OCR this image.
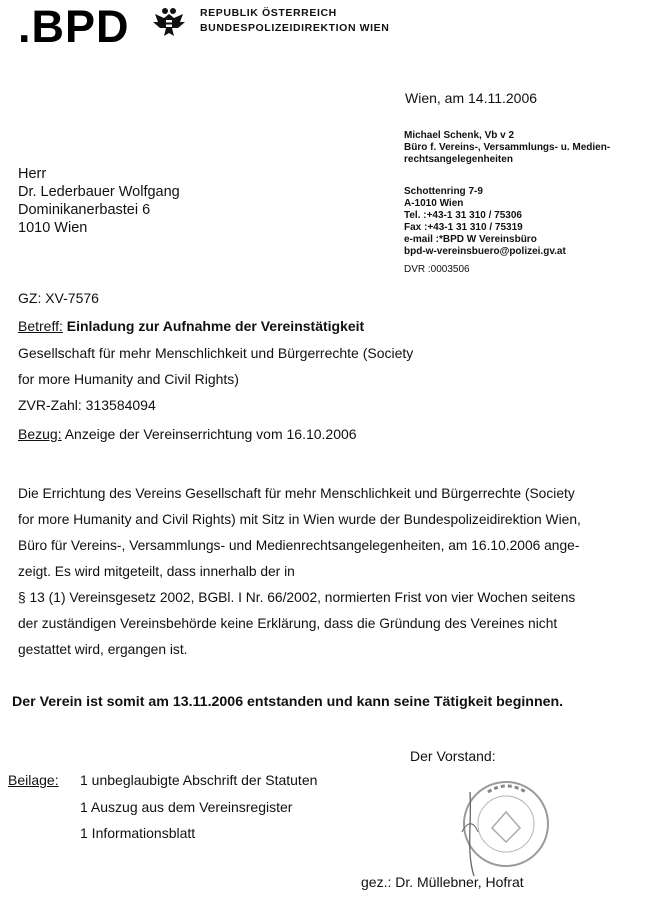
.BPD	REPUBLIK ÖSTERREICH
BUNDESPOLIZEIDIREKTION WIEN
Wien, am 14.11.2006
Michael Schenk, Vb v 2
Büro f. Vereins-, Versammlungs- u. Medien-
rechtsangelegenheiten
Schottenring 7-9
A-1010 Wien
Tel. :+43-1 31 310 / 75306
Fax :+43-1 31 310 / 75319
e-mail :*BPD W Vereinsbüro
bpd-w-vereinsbuero@polizei.gv.at
DVR :0003506
Herr
Dr. Lederbauer Wolfgang
Dominikanerbastei 6
1010 Wien
GZ: XV-7576
Betreff: Einladung zur Aufnahme der Vereinstätigkeit
Gesellschaft für mehr Menschlichkeit und Bürgerrechte (Society
for more Humanity and Civil Rights)
ZVR-Zahl: 313584094
Bezug: Anzeige der Vereinserrichtung vom 16.10.2006
Die Errichtung des Vereins Gesellschaft für mehr Menschlichkeit und Bürgerrechte (Society
for more Humanity and Civil Rights) mit Sitz in Wien wurde der Bundespolizeidirektion Wien,
Büro für Vereins-, Versammlungs- und Medienrechtsangelegenheiten, am 16.10.2006 ange-
zeigt. Es wird mitgeteilt, dass innerhalb der in
§ 13 (1) Vereinsgesetz 2002, BGBl. I Nr. 66/2002, normierten Frist von vier Wochen seitens
der zuständigen Vereinsbehörde keine Erklärung, dass die Gründung des Vereines nicht
gestattet wird, ergangen ist.
Der Verein ist somit am 13.11.2006 entstanden und kann seine Tätigkeit beginnen.
Der Vorstand:
Beilage: 1 unbeglaubigte Abschrift der Statuten
1 Auszug aus dem Vereinsregister
1 Informationsblatt
gez.: Dr. Müllebner, Hofrat
